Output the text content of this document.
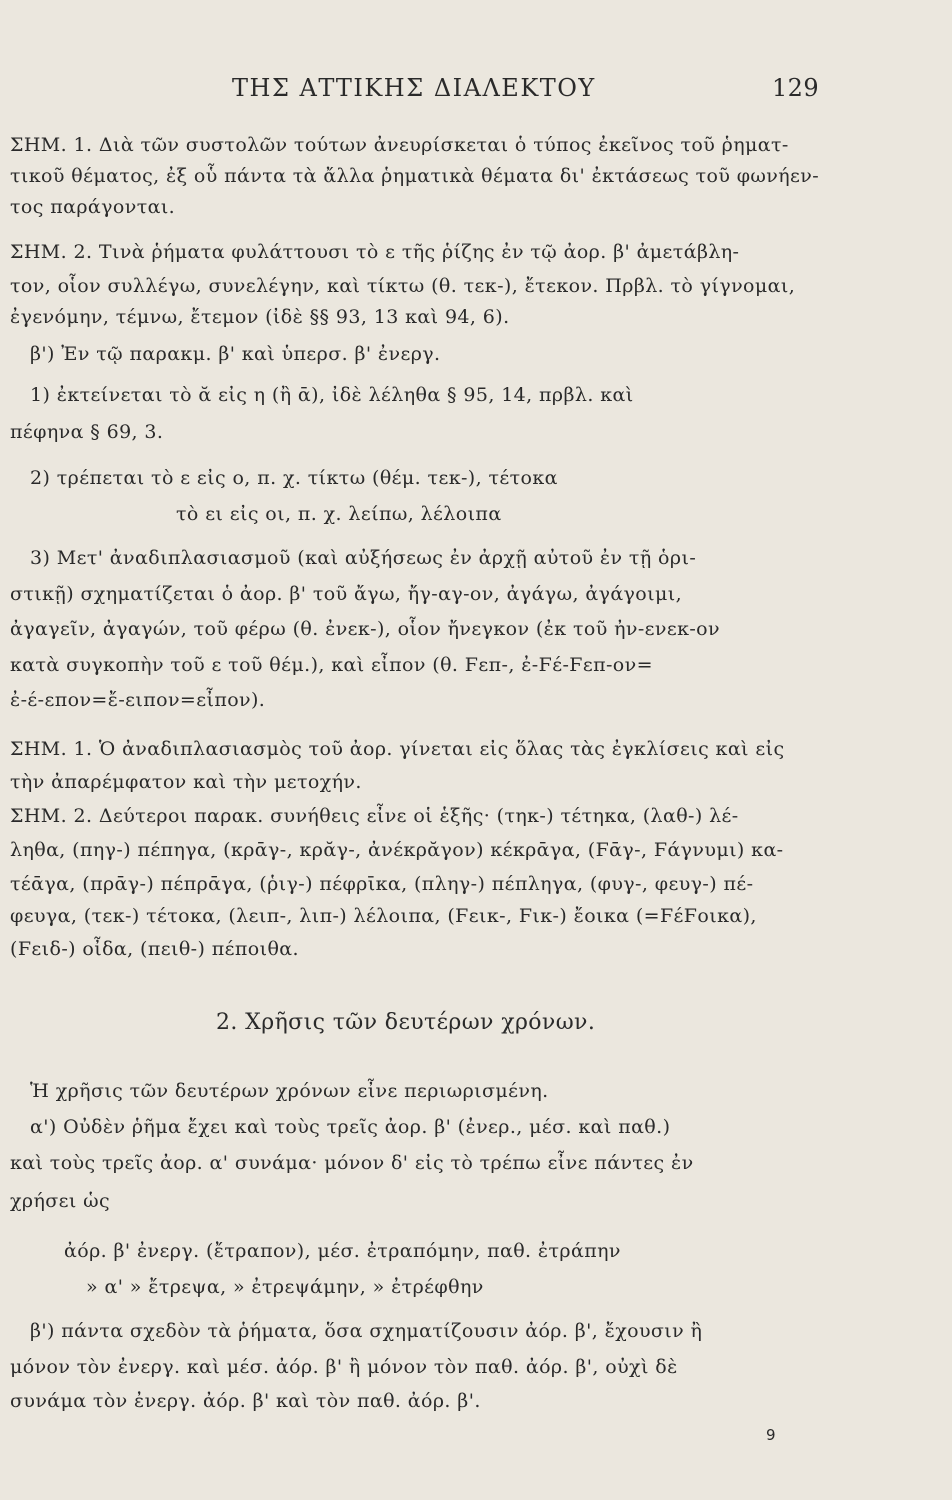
ΤΗΣ ΑΤΤΙΚΗΣ ΔΙΑΛΕΚΤΟΥ	129
ΣΗΜ. 1. Διὰ τῶν συστολῶν τούτων ἀνευρίσκεται ὁ τύπος ἐκεῖνος τοῦ ῥηματ-
τικοῦ θέματος, ἐξ οὗ πάντα τὰ ἄλλα ῥηματικὰ θέματα δι' ἐκτάσεως τοῦ φωνήεν-
τος παράγονται.
ΣΗΜ. 2. Τινὰ ῥήματα φυλάττουσι τὸ ε τῆς ῥίζης ἐν τῷ ἀορ. β' ἀμετάβλη-
τον, οἷον συλλέγω, συνελέγην, καὶ τίκτω (θ. τεκ-), ἔτεκον. Πρβλ. τὸ γίγνομαι,
ἐγενόμην, τέμνω, ἔτεμον (ἰδὲ §§ 93, 13 καὶ 94, 6).
β') Ἐν τῷ παρακμ. β' καὶ ὑπερσ. β' ἐνεργ.
1) ἐκτείνεται τὸ ᾰ εἰς η (ἢ ᾱ), ἰδὲ λέληθα § 95, 14, πρβλ. καὶ
πέφηνα § 69, 3.
2) τρέπεται τὸ ε εἰς ο, π. χ. τίκτω (θέμ. τεκ-), τέτοκα
τὸ ει εἰς οι, π. χ. λείπω, λέλοιπα
3) Μετ' ἀναδιπλασιασμοῦ (καὶ αὐξήσεως ἐν ἀρχῇ αὐτοῦ ἐν τῇ ὁρι-
στικῇ) σχηματίζεται ὁ ἀορ. β' τοῦ ἄγω, ἤγ-αγ-ον, ἀγάγω, ἀγάγοιμι,
ἀγαγεῖν, ἀγαγών, τοῦ φέρω (θ. ἐνεκ-), οἷον ἤνεγκον (ἐκ τοῦ ἠν-ενεκ-ον
κατὰ συγκοπὴν τοῦ ε τοῦ θέμ.), καὶ εἶπον (θ. Ϝεπ-, ἐ-Ϝέ-Ϝεπ-ον=
ἐ-έ-επον=ἔ-ειπον=εἶπον).
ΣΗΜ. 1. Ὁ ἀναδιπλασιασμὸς τοῦ ἀορ. γίνεται εἰς ὅλας τὰς ἐγκλίσεις καὶ εἰς
τὴν ἀπαρέμφατον καὶ τὴν μετοχήν.
ΣΗΜ. 2. Δεύτεροι παρακ. συνήθεις εἶνε οἱ ἑξῆς· (τηκ-) τέτηκα, (λαθ-) λέ-
ληθα, (πηγ-) πέπηγα, (κρᾱγ-, κρᾰγ-, ἀνέκρᾰγον) κέκρᾱγα, (Ϝᾱγ-, Ϝάγνυμι) κα-
τέᾱγα, (πρᾱγ-) πέπρᾱγα, (ῥιγ-) πέφρῑκα, (πληγ-) πέπληγα, (φυγ-, φευγ-) πέ-
φευγα, (τεκ-) τέτοκα, (λειπ-, λιπ-) λέλοιπα, (Ϝεικ-, Ϝικ-) ἔοικα (=ϜέϜοικα),
(Ϝειδ-) οἶδα, (πειθ-) πέποιθα.
2. Χρῆσις τῶν δευτέρων χρόνων.
Ἡ χρῆσις τῶν δευτέρων χρόνων εἶνε περιωρισμένη.
α') Οὐδὲν ῥῆμα ἔχει καὶ τοὺς τρεῖς ἀορ. β' (ἐνερ., μέσ. καὶ παθ.)
καὶ τοὺς τρεῖς ἀορ. α' συνάμα· μόνον δ' εἰς τὸ τρέπω εἶνε πάντες ἐν
χρήσει ὡς
ἀόρ. β' ἐνεργ. (ἔτραπον), μέσ. ἐτραπόμην, παθ. ἐτράπην
» α' » ἔτρεψα, » ἐτρεψάμην, » ἐτρέφθην
β') πάντα σχεδὸν τὰ ῥήματα, ὅσα σχηματίζουσιν ἀόρ. β', ἔχουσιν ἢ
μόνον τὸν ἐνεργ. καὶ μέσ. ἀόρ. β' ἢ μόνον τὸν παθ. ἀόρ. β', οὐχὶ δὲ
συνάμα τὸν ἐνεργ. ἀόρ. β' καὶ τὸν παθ. ἀόρ. β'.
9
